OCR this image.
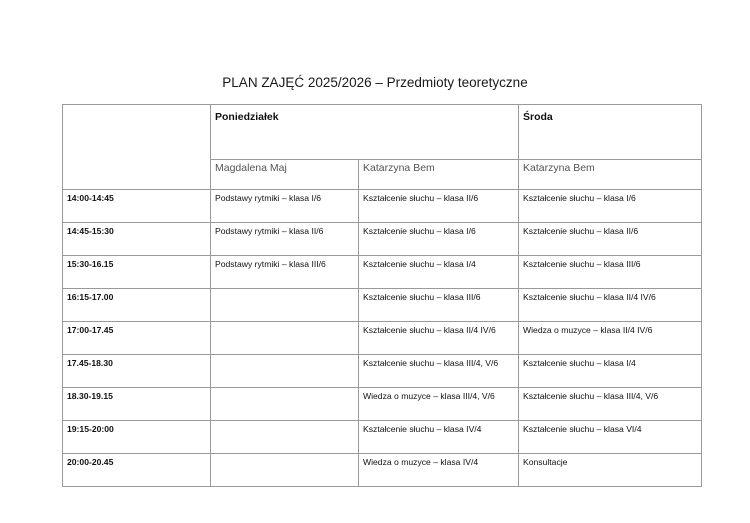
PLAN ZAJĘĆ 2025/2026 – Przedmioty teoretyczne
	Poniedziałek		Środa
	Magdalena Maj	Katarzyna Bem	Katarzyna Bem
14:00-14:45	Podstawy rytmiki – klasa I/6	Kształcenie słuchu – klasa II/6	Kształcenie słuchu – klasa I/6
14:45-15:30	Podstawy rytmiki – klasa II/6	Kształcenie słuchu – klasa I/6	Kształcenie słuchu – klasa II/6
15:30-16.15	Podstawy rytmiki – klasa III/6	Kształcenie słuchu – klasa I/4	Kształcenie słuchu – klasa III/6
16:15-17.00		Kształcenie słuchu – klasa III/6	Kształcenie słuchu – klasa II/4 IV/6
17:00-17.45		Kształcenie słuchu – klasa II/4 IV/6	Wiedza o muzyce – klasa II/4 IV/6
17.45-18.30		Kształcenie słuchu – klasa III/4, V/6	Kształcenie słuchu – klasa I/4
18.30-19.15		Wiedza o muzyce – klasa III/4, V/6	Kształcenie słuchu – klasa III/4, V/6
19:15-20:00		Kształcenie słuchu – klasa IV/4	Kształcenie słuchu – klasa VI/4
20:00-20.45		Wiedza o muzyce – klasa IV/4	Konsultacje
